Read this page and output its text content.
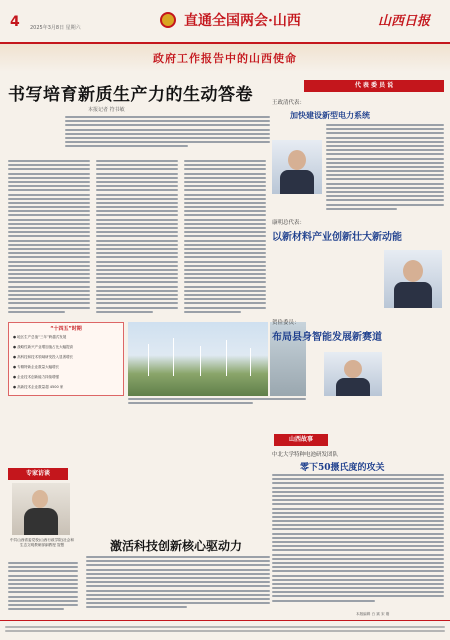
4 2025年3月8日 星期六	直通全国两会·山西	山西日报
政府工作报告中的山西使命
书写培育新质生产力的生动答卷
本报记者 符书敏
“十四五”时期
● 地区生产总值“三年”跨越式发展
● 战略性新兴产业增加值占比大幅提高
● 高科技和技术领域研发投入显著增长
● 专精特新企业数量大幅增长
● 企业技术创新能力持续增强
● 高新技术企业数量超 4500 家
专家访谈
中共山西省委党校(山西行政学院)社会和生态文明教研部副教授 智慧	激活科技创新核心驱动力
代 表 委 员 说
王政清代表：
加快建设新型电力系统
康明总代表：
以新材料产业创新壮大新动能
贺俭委员：
布局县身智能发展新赛道
山西故事
中北大学特种电池研发团队
零下50摄氏度的攻关
本版编辑 白 斌 宋 刚
